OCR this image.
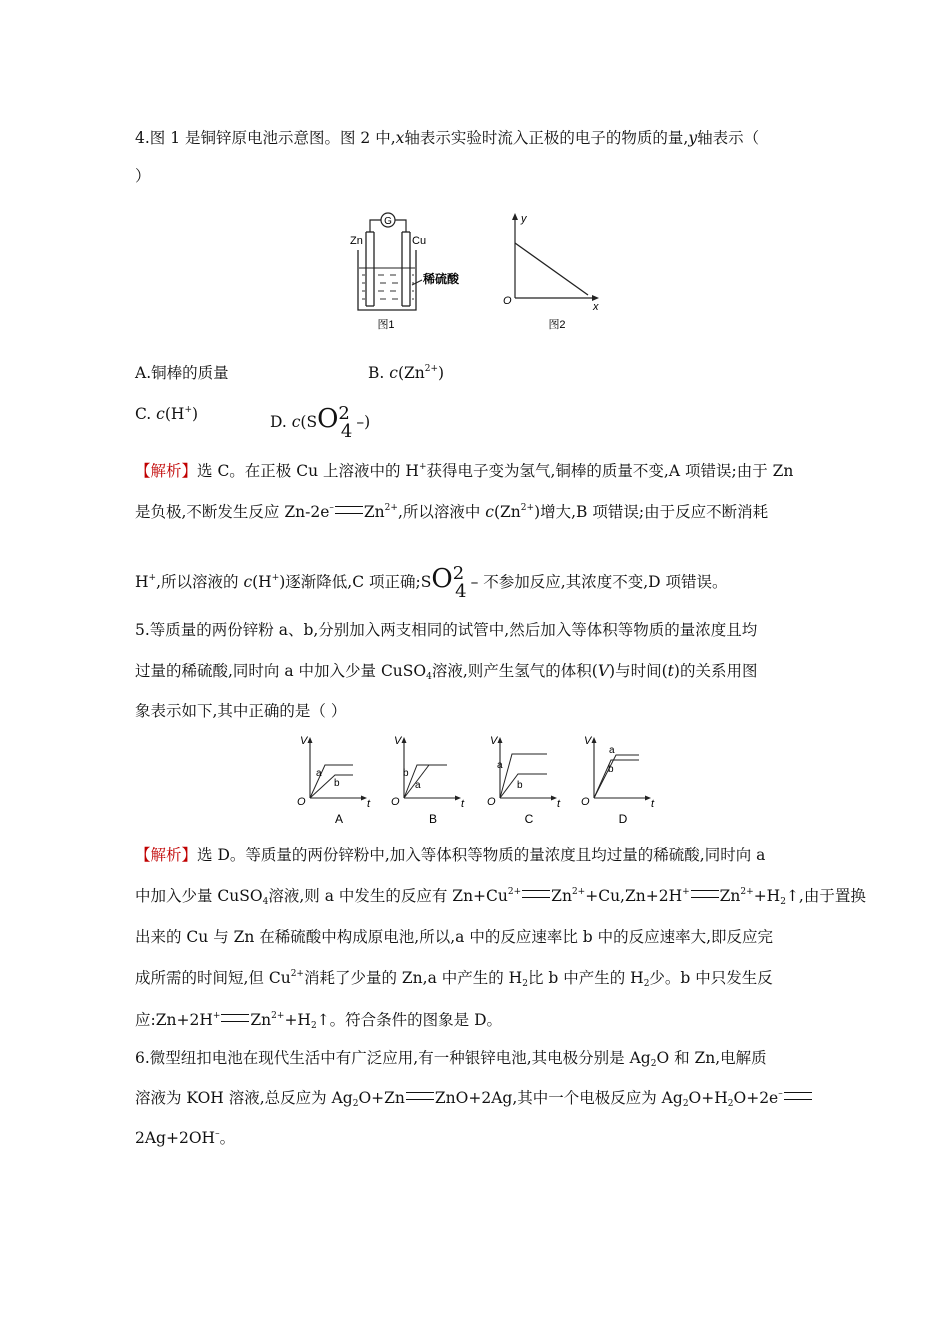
4.图 1 是铜锌原电池示意图。图 2 中,x轴表示实验时流入正极的电子的物质的量,y轴表示（
）
G
Zn	Cu
稀硫酸
图1
y
x
O
图2
A.铜棒的质量	B. $c(Zn^{2+})$
C. c(H+)	D. c(SO24 –)
【解析】选 C。在正极 Cu 上溶液中的 H+获得电子变为氢气,铜棒的质量不变,A 项错误;由于 Zn
是负极,不断发生反应 Zn-2e– $Zn^{2+}$,所以溶液中 $c(Zn^{2+})$增大,B 项错误;由于反应不断消耗
H+,所以溶液的 c(H+)逐渐降低,C 项正确;SO24 – 不参加反应,其浓度不变,D 项错误。
5.等质量的两份锌粉 a、b,分别加入两支相同的试管中,然后加入等体积等物质的量浓度且均
过量的稀硫酸,同时向 a 中加入少量 CuSO$_4$溶液,则产生氢气的体积(V)与时间(t)的关系用图
象表示如下,其中正确的是（ ）
V
O	t
a
b
A
V
O	t
b
a
B
V
O	t
a
b
C
V
O	t
a
b
D
【解析】选 D。等质量的两份锌粉中,加入等体积等物质的量浓度且均过量的稀硫酸,同时向 a
中加入少量 CuSO$_4$溶液,则 a 中发生的反应有 $Zn+Cu^{2+}$ $Zn^{2+}+Cu,Zn+2H^+$ $Zn^{2+}+H_2↑$,由于置换
出来的 Cu 与 Zn 在稀硫酸中构成原电池,所以,a 中的反应速率比 b 中的反应速率大,即反应完
成所需的时间短,但 $Cu^{2+}$消耗了少量的 Zn,a 中产生的 $H_2$比 b 中产生的 $H_2$少。b 中只发生反
应:Zn+2H+ $Zn^{2+}+H_2↑$。符合条件的图象是 D。
6.微型纽扣电池在现代生活中有广泛应用,有一种银锌电池,其电极分别是 $Ag_2O$ 和 Zn,电解质
溶液为 KOH 溶液,总反应为 $Ag_2O+Zn$ ZnO+2Ag,其中一个电极反应为 $Ag_2O+H_2O+2e^-$
2Ag+2OH–。
